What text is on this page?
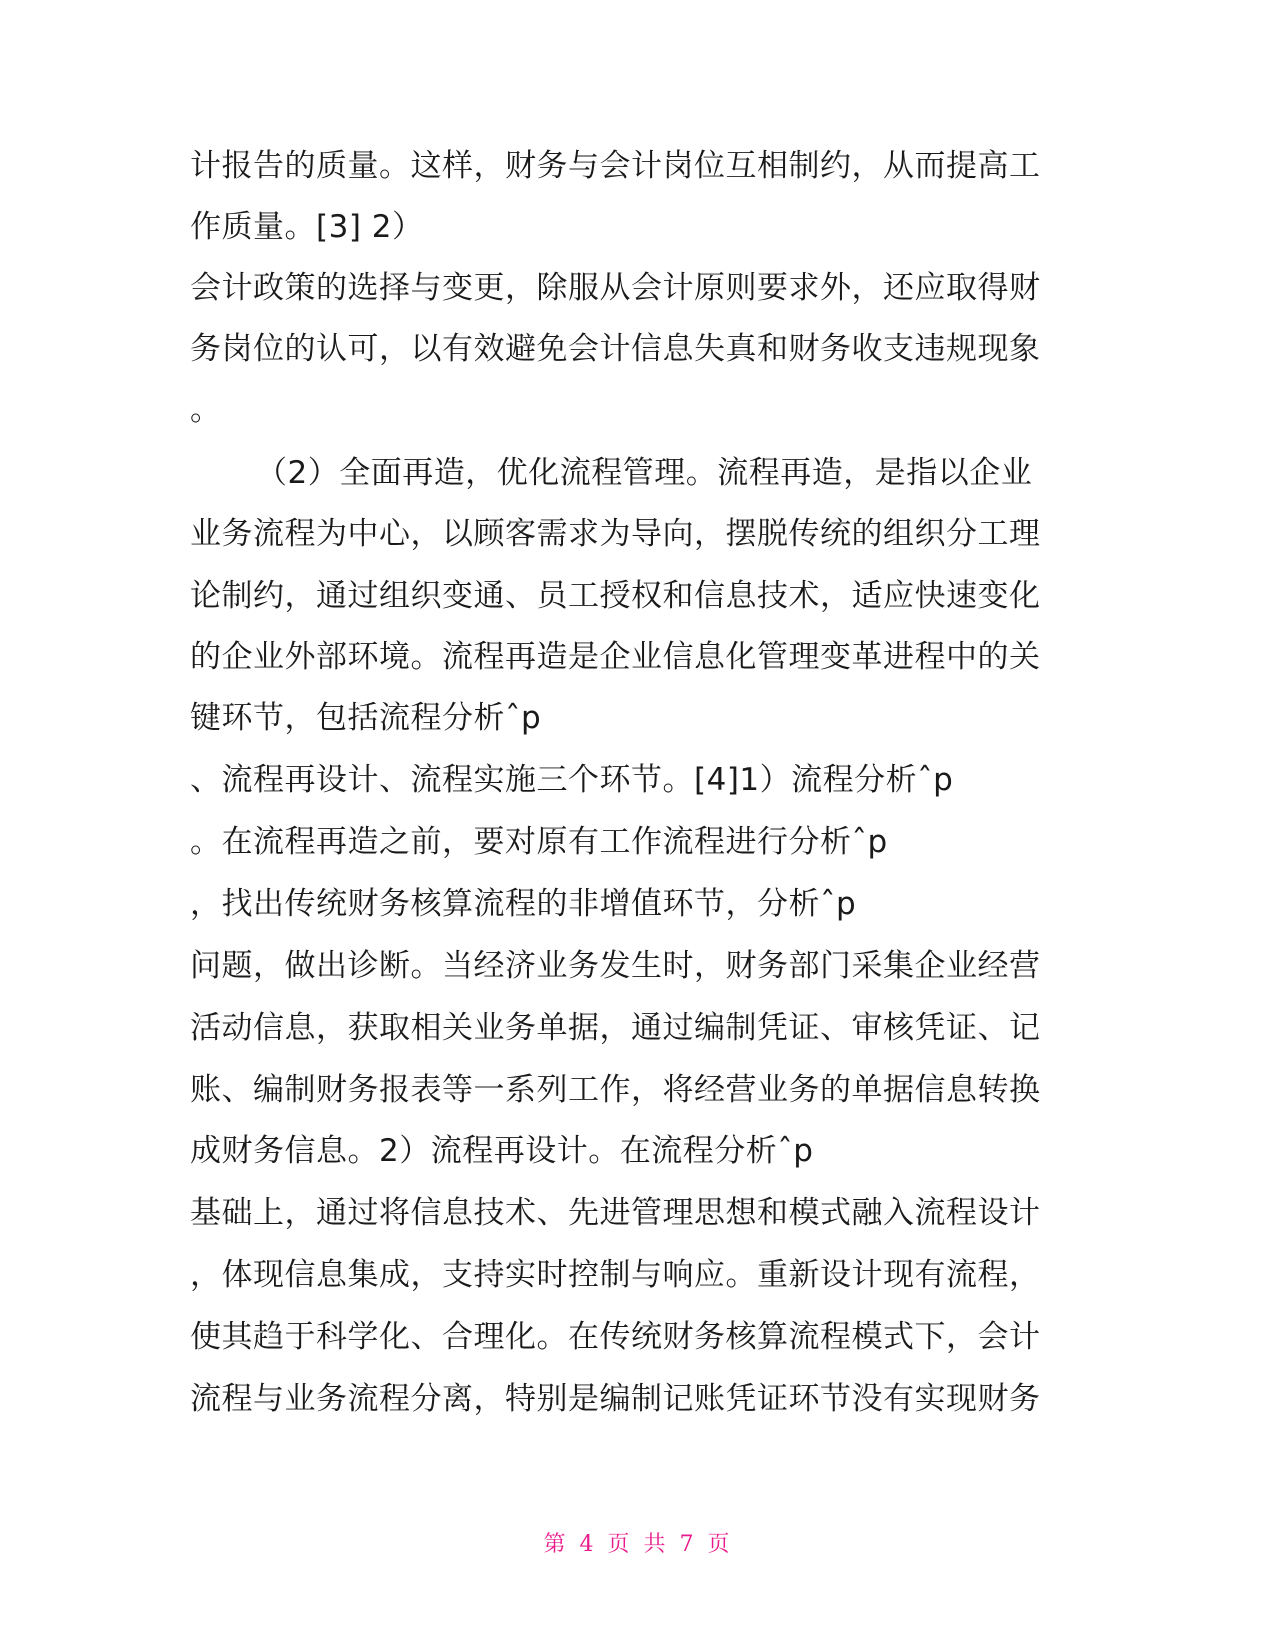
计报告的质量。这样，财务与会计岗位互相制约，从而提高工
作质量。[3] 2）
会计政策的选择与变更，除服从会计原则要求外，还应取得财
务岗位的认可，以有效避免会计信息失真和财务收支违规现象
。
（2）全面再造，优化流程管理。流程再造，是指以企业
业务流程为中心，以顾客需求为导向，摆脱传统的组织分工理
论制约，通过组织变通、员工授权和信息技术，适应快速变化
的企业外部环境。流程再造是企业信息化管理变革进程中的关
键环节，包括流程分析ˆp
、流程再设计、流程实施三个环节。[4]1）流程分析ˆp
。在流程再造之前，要对原有工作流程进行分析ˆp
，找出传统财务核算流程的非增值环节，分析ˆp
问题，做出诊断。当经济业务发生时，财务部门采集企业经营
活动信息，获取相关业务单据，通过编制凭证、审核凭证、记
账、编制财务报表等一系列工作，将经营业务的单据信息转换
成财务信息。2）流程再设计。在流程分析ˆp
基础上，通过将信息技术、先进管理思想和模式融入流程设计
，体现信息集成，支持实时控制与响应。重新设计现有流程，
使其趋于科学化、合理化。在传统财务核算流程模式下，会计
流程与业务流程分离，特别是编制记账凭证环节没有实现财务
第 4 页 共 7 页
